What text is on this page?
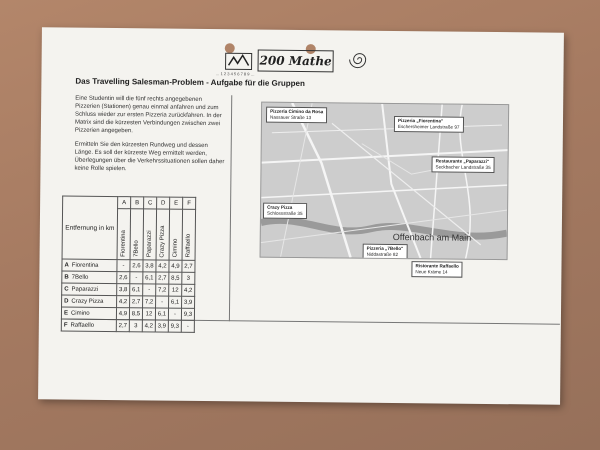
200 Mathe
… 1 2 3 4 5 6 7 8 9 …
Das Travelling Salesman-Problem - Aufgabe für die Gruppen

Eine Studentin will die fünf rechts angegebenen Pizzerien (Stationen) genau einmal anfahren und zum Schluss wieder zur ersten Pizzeria zurückfahren. In der Matrix sind die kürzesten Verbindungen zwischen zwei Pizzerien angegeben.

Ermitteln Sie den kürzesten Rundweg und dessen Länge. Es soll der kürzeste Weg ermittelt werden, Überlegungen über die Verkehrssituationen sollen daher keine Rolle spielen.

Entfernung in km	A	B	C	D	E	F

	Fiorentina	7Bello	Paparazzi	Crazy Pizza	Cimino	Raffaello

A Fiorentina	-	2,6	3,8	4,2	4,9	2,7
B 7Bello	2,6	-	6,1	2,7	8,5	3
C Paparazzi	3,8	6,1	-	7,2	12	4,2
D Crazy Pizza	4,2	2,7	7,2	-	6,1	3,9
E Cimino	4,9	8,5	12	6,1	-	9,3
F Raffaello	2,7	3	4,2	3,9	9,3	-
Offenbach am Main
Pizzeria Cimino da Rosa
Nassauer Straße 13
Pizzeria „Fiorentina"
Eschersheimer Landstraße 97
Restaurante „Paparazzi"
Seckbacher Landstraße 35
Crazy Pizza
Schlossstraße 35
Pizzeria „7Bello"
Niddastraße 82
Ristorante Raffaello
Neue Kräme 14
